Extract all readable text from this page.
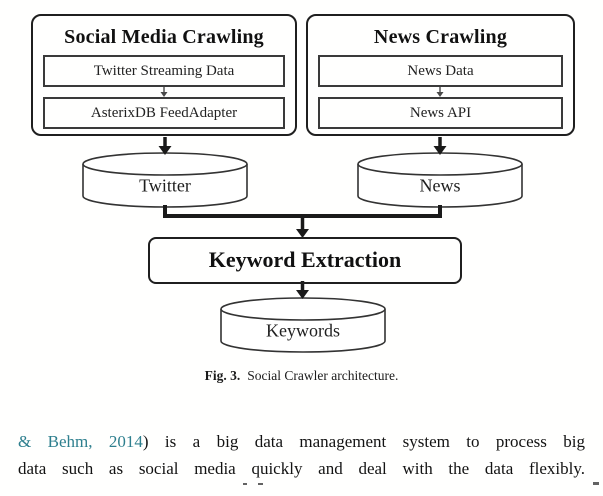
Social Media Crawling
Twitter Streaming Data
AsterixDB FeedAdapter
News Crawling
News Data
News API
Keyword Extraction
Twitter	News
Keywords
Fig. 3. Social Crawler architecture.
& Behm, 2014) is a big data management system to process big
data such as social media quickly and deal with the data flexibly.
